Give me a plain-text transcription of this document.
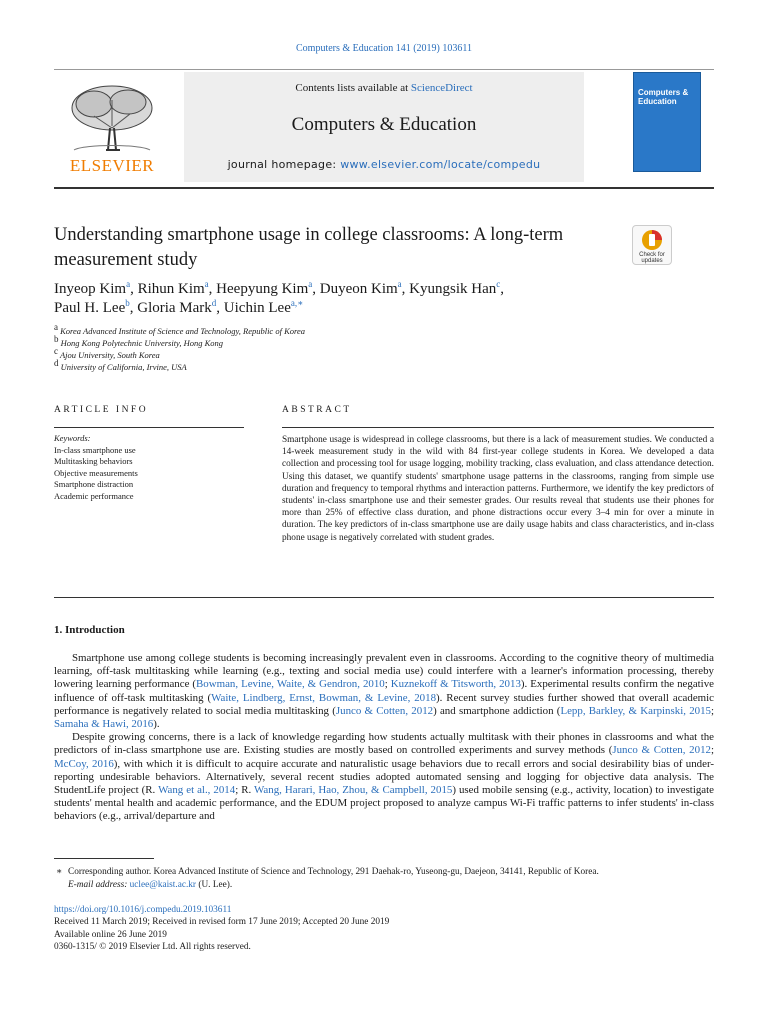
Computers & Education 141 (2019) 103611
Contents lists available at ScienceDirect
Computers & Education
journal homepage: www.elsevier.com/locate/compedu
ELSEVIER
Computers & Education
Understanding smartphone usage in college classrooms: A long-term measurement study	Check for updates
Inyeop Kim$^a$, Rihun Kim$^a$, Heepyung Kim$^a$, Duyeon Kim$^a$, Kyungsik Han$^c$,
Paul H. Lee$^b$, Gloria Mark$^d$, Uichin Lee$^{a,∗}$
$^a$ Korea Advanced Institute of Science and Technology, Republic of Korea
$^b$ Hong Kong Polytechnic University, Hong Kong
$^c$ Ajou University, South Korea
$^d$ University of California, Irvine, USA
ARTICLE INFO	ABSTRACT
Keywords:
In-class smartphone use
Multitasking behaviors
Objective measurements
Smartphone distraction
Academic performance
Smartphone usage is widespread in college classrooms, but there is a lack of measurement studies. We conducted a 14-week measurement study in the wild with 84 first-year college students in Korea. We developed a data collection and processing tool for usage logging, mobility tracking, class evaluation, and class attendance detection. Using this dataset, we quantify students' smartphone usage patterns in the classrooms, ranging from simple use duration and frequency to temporal rhythms and interaction patterns. Furthermore, we identify the key predictors of students' in-class smartphone use and their semester grades. Our results reveal that students use their phones for more than 25% of effective class duration, and phone distractions occur every 3–4 min for over a minute in duration. The key predictors of in-class smartphone use are daily usage habits and class characteristics, and in-class phone usage is negatively correlated with student grades.
1. Introduction

Smartphone use among college students is becoming increasingly prevalent even in classrooms. According to the cognitive theory of multimedia learning, off-task multitasking while learning (e.g., texting and social media use) could interfere with a learner's information processing, thereby lowering learning performance (Bowman, Levine, Waite, & Gendron, 2010; Kuznekoff & Titsworth, 2013). Experimental results confirm the negative influence of off-task multitasking (Waite, Lindberg, Ernst, Bowman, & Levine, 2018). Recent survey studies further showed that overall academic performance is negatively related to social media multitasking (Junco & Cotten, 2012) and smartphone addiction (Lepp, Barkley, & Karpinski, 2015; Samaha & Hawi, 2016).

Despite growing concerns, there is a lack of knowledge regarding how students actually multitask with their phones in classrooms and what the predictors of in-class smartphone use are. Existing studies are mostly based on controlled experiments and survey methods (Junco & Cotten, 2012; McCoy, 2016), with which it is difficult to acquire accurate and naturalistic usage behaviors due to recall errors and social desirability bias of under-reporting undesirable behaviors. Alternatively, several recent studies adopted automated sensing and logging for objective data analysis. The StudentLife project (R. Wang et al., 2014; R. Wang, Harari, Hao, Zhou, & Campbell, 2015) used mobile sensing (e.g., activity, location) to investigate students' mental health and academic performance, and the EDUM project proposed to analyze campus Wi-Fi traffic patterns to infer students' in-class behaviors (e.g., arrival/departure and

∗ Corresponding author. Korea Advanced Institute of Science and Technology, 291 Daehak-ro, Yuseong-gu, Daejeon, 34141, Republic of Korea.
E-mail address: uclee@kaist.ac.kr (U. Lee).
https://doi.org/10.1016/j.compedu.2019.103611
Received 11 March 2019; Received in revised form 17 June 2019; Accepted 20 June 2019
Available online 26 June 2019
0360-1315/ © 2019 Elsevier Ltd. All rights reserved.
